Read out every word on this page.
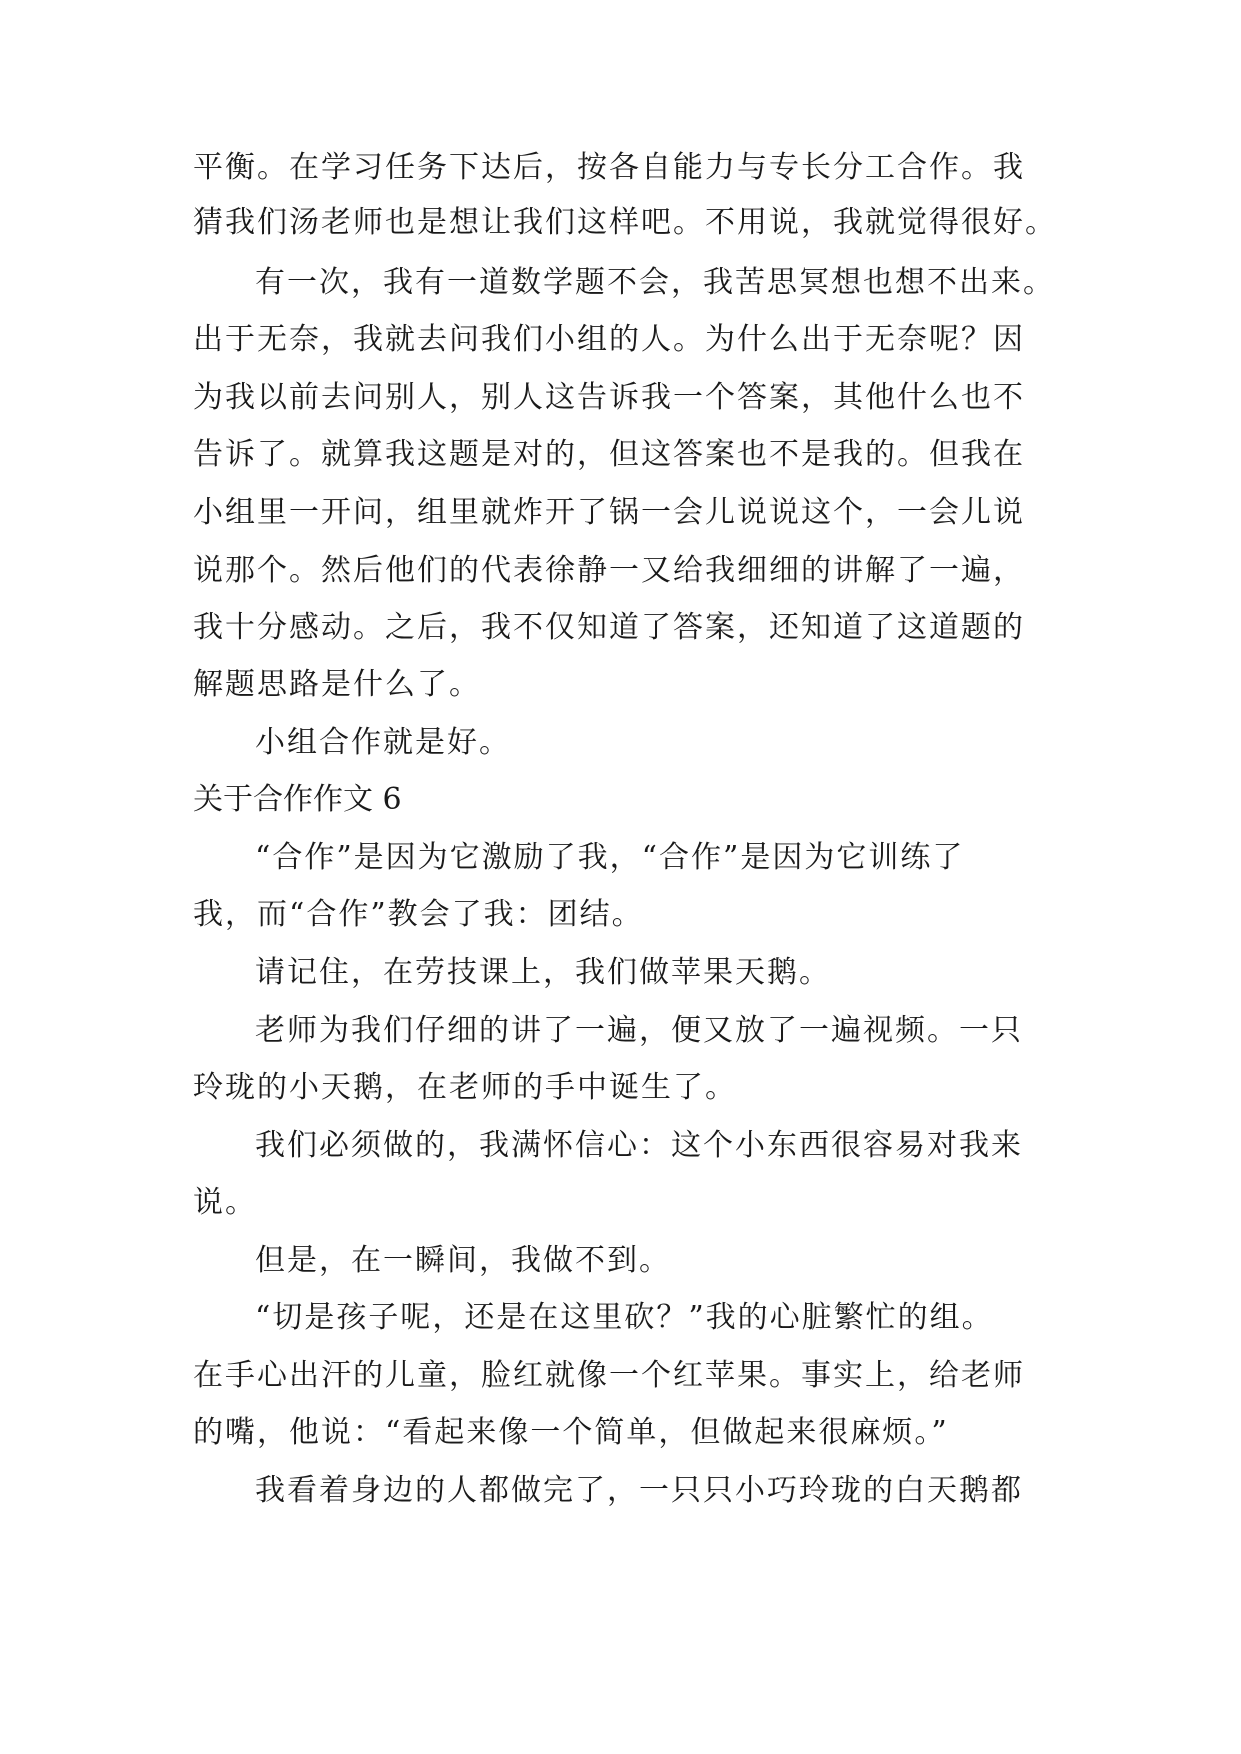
平衡。在学习任务下达后，按各自能力与专长分工合作。我
猜我们汤老师也是想让我们这样吧。不用说，我就觉得很好。
有一次，我有一道数学题不会，我苦思冥想也想不出来。
出于无奈，我就去问我们小组的人。为什么出于无奈呢？因
为我以前去问别人，别人这告诉我一个答案，其他什么也不
告诉了。就算我这题是对的，但这答案也不是我的。但我在
小组里一开问，组里就炸开了锅一会儿说说这个，一会儿说
说那个。然后他们的代表徐静一又给我细细的讲解了一遍，
我十分感动。之后，我不仅知道了答案，还知道了这道题的
解题思路是什么了。
小组合作就是好。
关于合作作文 6
“合作”是因为它激励了我，“合作”是因为它训练了
我，而“合作”教会了我：团结。
请记住，在劳技课上，我们做苹果天鹅。
老师为我们仔细的讲了一遍，便又放了一遍视频。一只
玲珑的小天鹅，在老师的手中诞生了。
我们必须做的，我满怀信心：这个小东西很容易对我来
说。
但是，在一瞬间，我做不到。
“切是孩子呢，还是在这里砍？”我的心脏繁忙的组。
在手心出汗的儿童，脸红就像一个红苹果。事实上，给老师
的嘴，他说：“看起来像一个简单，但做起来很麻烦。”
我看着身边的人都做完了，一只只小巧玲珑的白天鹅都
